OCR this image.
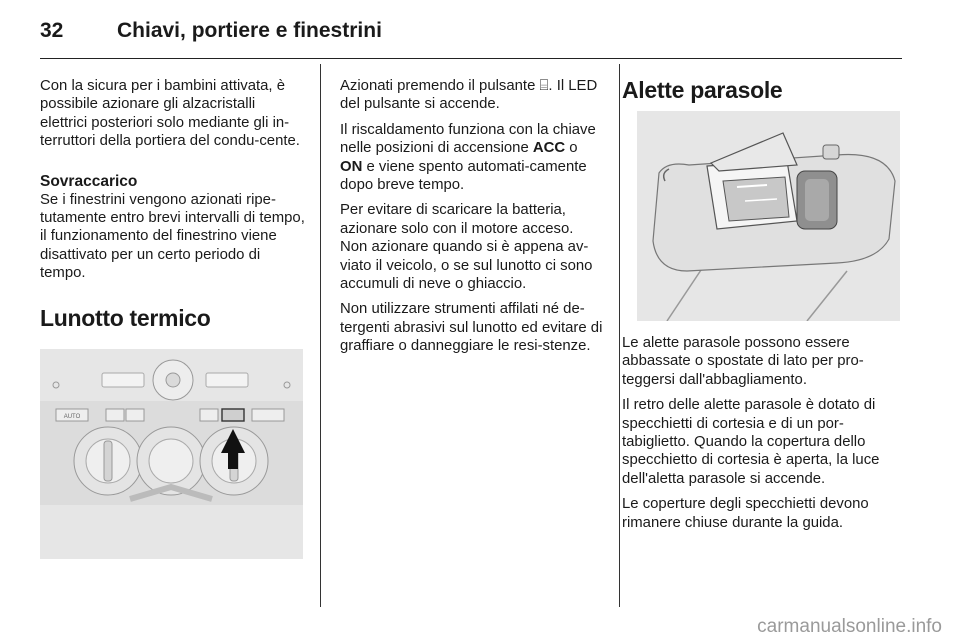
32	Chiavi, portiere e finestrini

Con la sicura per i bambini attivata, è possibile azionare gli alzacristalli elettrici posteriori solo mediante gli in-terruttori della portiera del condu-cente.

Sovraccarico

Se i finestrini vengono azionati ripe-tutamente entro brevi intervalli di tempo, il funzionamento del finestrino viene disattivato per un certo periodo di tempo.

Lunotto termico
AUTO

Azionati premendo il pulsante ⌸. Il LED del pulsante si accende.

Il riscaldamento funziona con la chiave nelle posizioni di accensione ACC o ON e viene spento automati-camente dopo breve tempo.

Per evitare di scaricare la batteria, azionare solo con il motore acceso. Non azionare quando si è appena av-viato il veicolo, o se sul lunotto ci sono accumuli di neve o ghiaccio.

Non utilizzare strumenti affilati né de-tergenti abrasivi sul lunotto ed evitare di graffiare o danneggiare le resi-stenze.

Alette parasole

Le alette parasole possono essere abbassate o spostate di lato per pro-teggersi dall'abbagliamento.

Il retro delle alette parasole è dotato di specchietti di cortesia e di un por-tabiglietto. Quando la copertura dello specchietto di cortesia è aperta, la luce dell'aletta parasole si accende.

Le coperture degli specchietti devono rimanere chiuse durante la guida.

carmanualsonline.info
